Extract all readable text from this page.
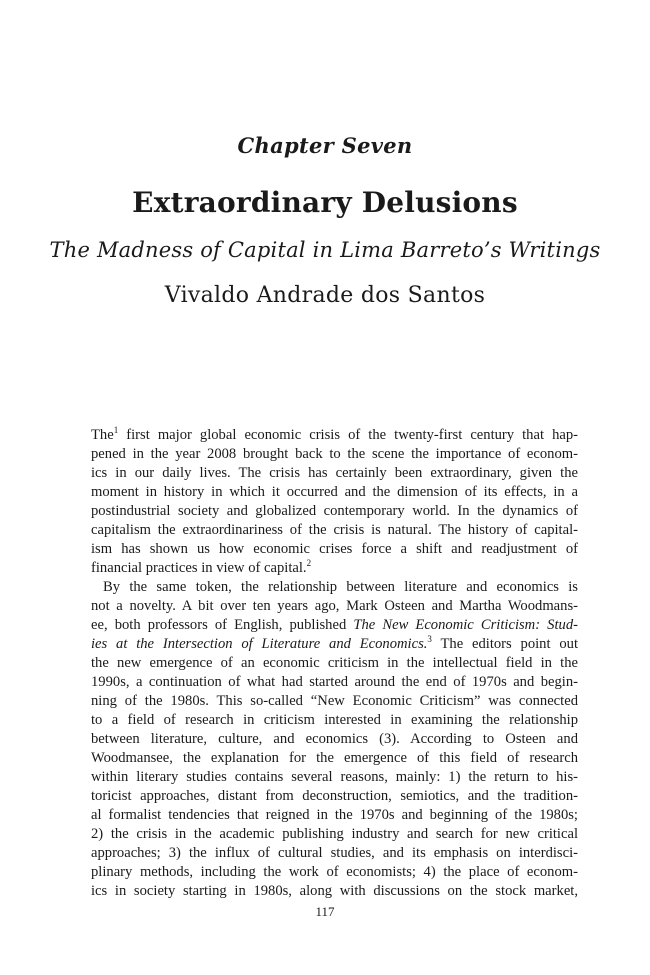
Chapter Seven
Extraordinary Delusions
The Madness of Capital in Lima Barreto’s Writings
Vivaldo Andrade dos Santos
The$^1$ first major global economic crisis of the twenty-first century that hap-
pened in the year 2008 brought back to the scene the importance of econom-
ics in our daily lives. The crisis has certainly been extraordinary, given the
moment in history in which it occurred and the dimension of its effects, in a
postindustrial society and globalized contemporary world. In the dynamics of
capitalism the extraordinariness of the crisis is natural. The history of capital-
ism has shown us how economic crises force a shift and readjustment of
financial practices in view of capital.$^2$
By the same token, the relationship between literature and economics is
not a novelty. A bit over ten years ago, Mark Osteen and Martha Woodmans-
ee, both professors of English, published The New Economic Criticism: Stud-
ies at the Intersection of Literature and Economics.$^3$ The editors point out
the new emergence of an economic criticism in the intellectual field in the
1990s, a continuation of what had started around the end of 1970s and begin-
ning of the 1980s. This so-called “New Economic Criticism” was connected
to a field of research in criticism interested in examining the relationship
between literature, culture, and economics (3). According to Osteen and
Woodmansee, the explanation for the emergence of this field of research
within literary studies contains several reasons, mainly: 1) the return to his-
toricist approaches, distant from deconstruction, semiotics, and the tradition-
al formalist tendencies that reigned in the 1970s and beginning of the 1980s;
2) the crisis in the academic publishing industry and search for new critical
approaches; 3) the influx of cultural studies, and its emphasis on interdisci-
plinary methods, including the work of economists; 4) the place of econom-
ics in society starting in 1980s, along with discussions on the stock market,
117
